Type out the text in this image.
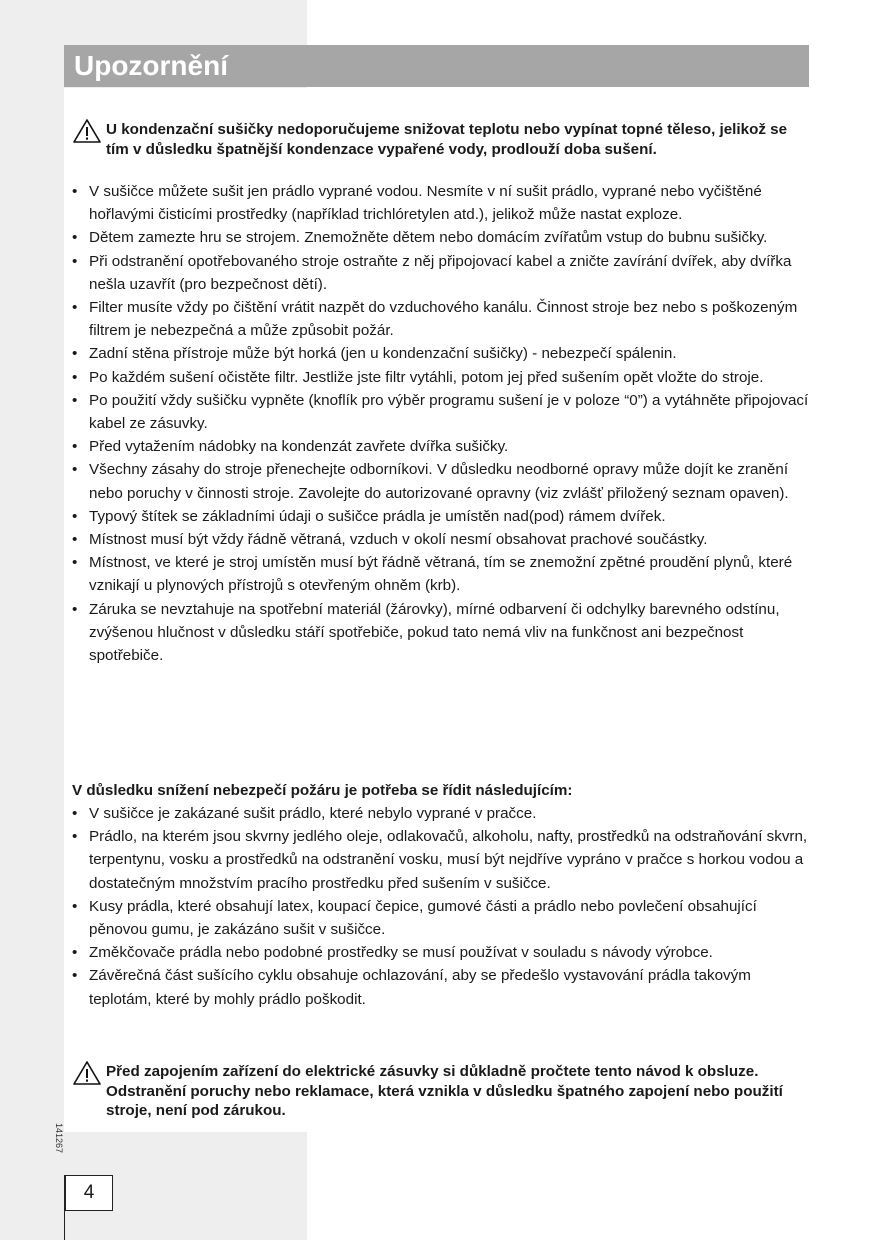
Upozornění
U kondenzační sušičky nedoporučujeme snižovat teplotu nebo vypínat topné těleso, jelikož se tím v důsledku špatnější kondenzace vypařené vody, prodlouží doba sušení.
• V sušičce můžete sušit jen prádlo vyprané vodou. Nesmíte v ní sušit prádlo, vyprané nebo vyčištěné hořlavými čisticími prostředky (například trichlóretylen atd.), jelikož může nastat exploze.
• Dětem zamezte hru se strojem. Znemožněte dětem nebo domácím zvířatům vstup do bubnu sušičky.
• Při odstranění opotřebovaného stroje ostraňte z něj připojovací kabel a zničte zavírání dvířek, aby dvířka nešla uzavřít (pro bezpečnost dětí).
• Filter musíte vždy po čištění vrátit nazpět do vzduchového kanálu. Činnost stroje bez nebo s poškozeným filtrem je nebezpečná a může způsobit požár.
• Zadní stěna přístroje může být horká (jen u kondenzační sušičky) - nebezpečí spálenin.
• Po každém sušení očistěte filtr. Jestliže jste filtr vytáhli, potom jej před sušením opět vložte do stroje.
• Po použití vždy sušičku vypněte (knoflík pro výběr programu sušení je v poloze “0”) a vytáhněte připojovací kabel ze zásuvky.
• Před vytažením nádobky na kondenzát zavřete dvířka sušičky.
• Všechny zásahy do stroje přenechejte odborníkovi. V důsledku neodborné opravy může dojít ke zranění nebo poruchy v činnosti stroje. Zavolejte do autorizované opravny (viz zvlášť přiložený seznam opaven).
• Typový štítek se základními údaji o sušičce prádla je umístěn nad(pod) rámem dvířek.
• Místnost musí být vždy řádně větraná, vzduch v okolí nesmí obsahovat prachové součástky.
• Místnost, ve které je stroj umístěn musí být řádně větraná, tím se znemožní zpětné proudění plynů, které vznikají u plynových přístrojů s otevřeným ohněm (krb).
• Záruka se nevztahuje na spotřební materiál (žárovky), mírné odbarvení či odchylky barevného odstínu, zvýšenou hlučnost v důsledku stáří spotřebiče, pokud tato nemá vliv na funkčnost ani bezpečnost spotřebiče.
V důsledku snížení nebezpečí požáru je potřeba se řídit následujícím:
• V sušičce je zakázané sušit prádlo, které nebylo vyprané v pračce.
• Prádlo, na kterém jsou skvrny jedlého oleje, odlakovačů, alkoholu, nafty, prostředků na odstraňování skvrn, terpentynu, vosku a prostředků na odstranění vosku, musí být nejdříve vypráno v pračce s horkou vodou a dostatečným množstvím pracího prostředku před sušením v sušičce.
• Kusy prádla, které obsahují latex, koupací čepice, gumové části a prádlo nebo povlečení obsahující pěnovou gumu, je zakázáno sušit v sušičce.
• Změkčovače prádla nebo podobné prostředky se musí používat v souladu s návody výrobce.
• Závěrečná část sušícího cyklu obsahuje ochlazování, aby se předešlo vystavování prádla takovým teplotám, které by mohly prádlo poškodit.
Před zapojením zařízení do elektrické zásuvky si důkladně pročtete tento návod k obsluze. Odstranění poruchy nebo reklamace, která vznikla v důsledku špatného zapojení nebo použití stroje, není pod zárukou.
141267
4
